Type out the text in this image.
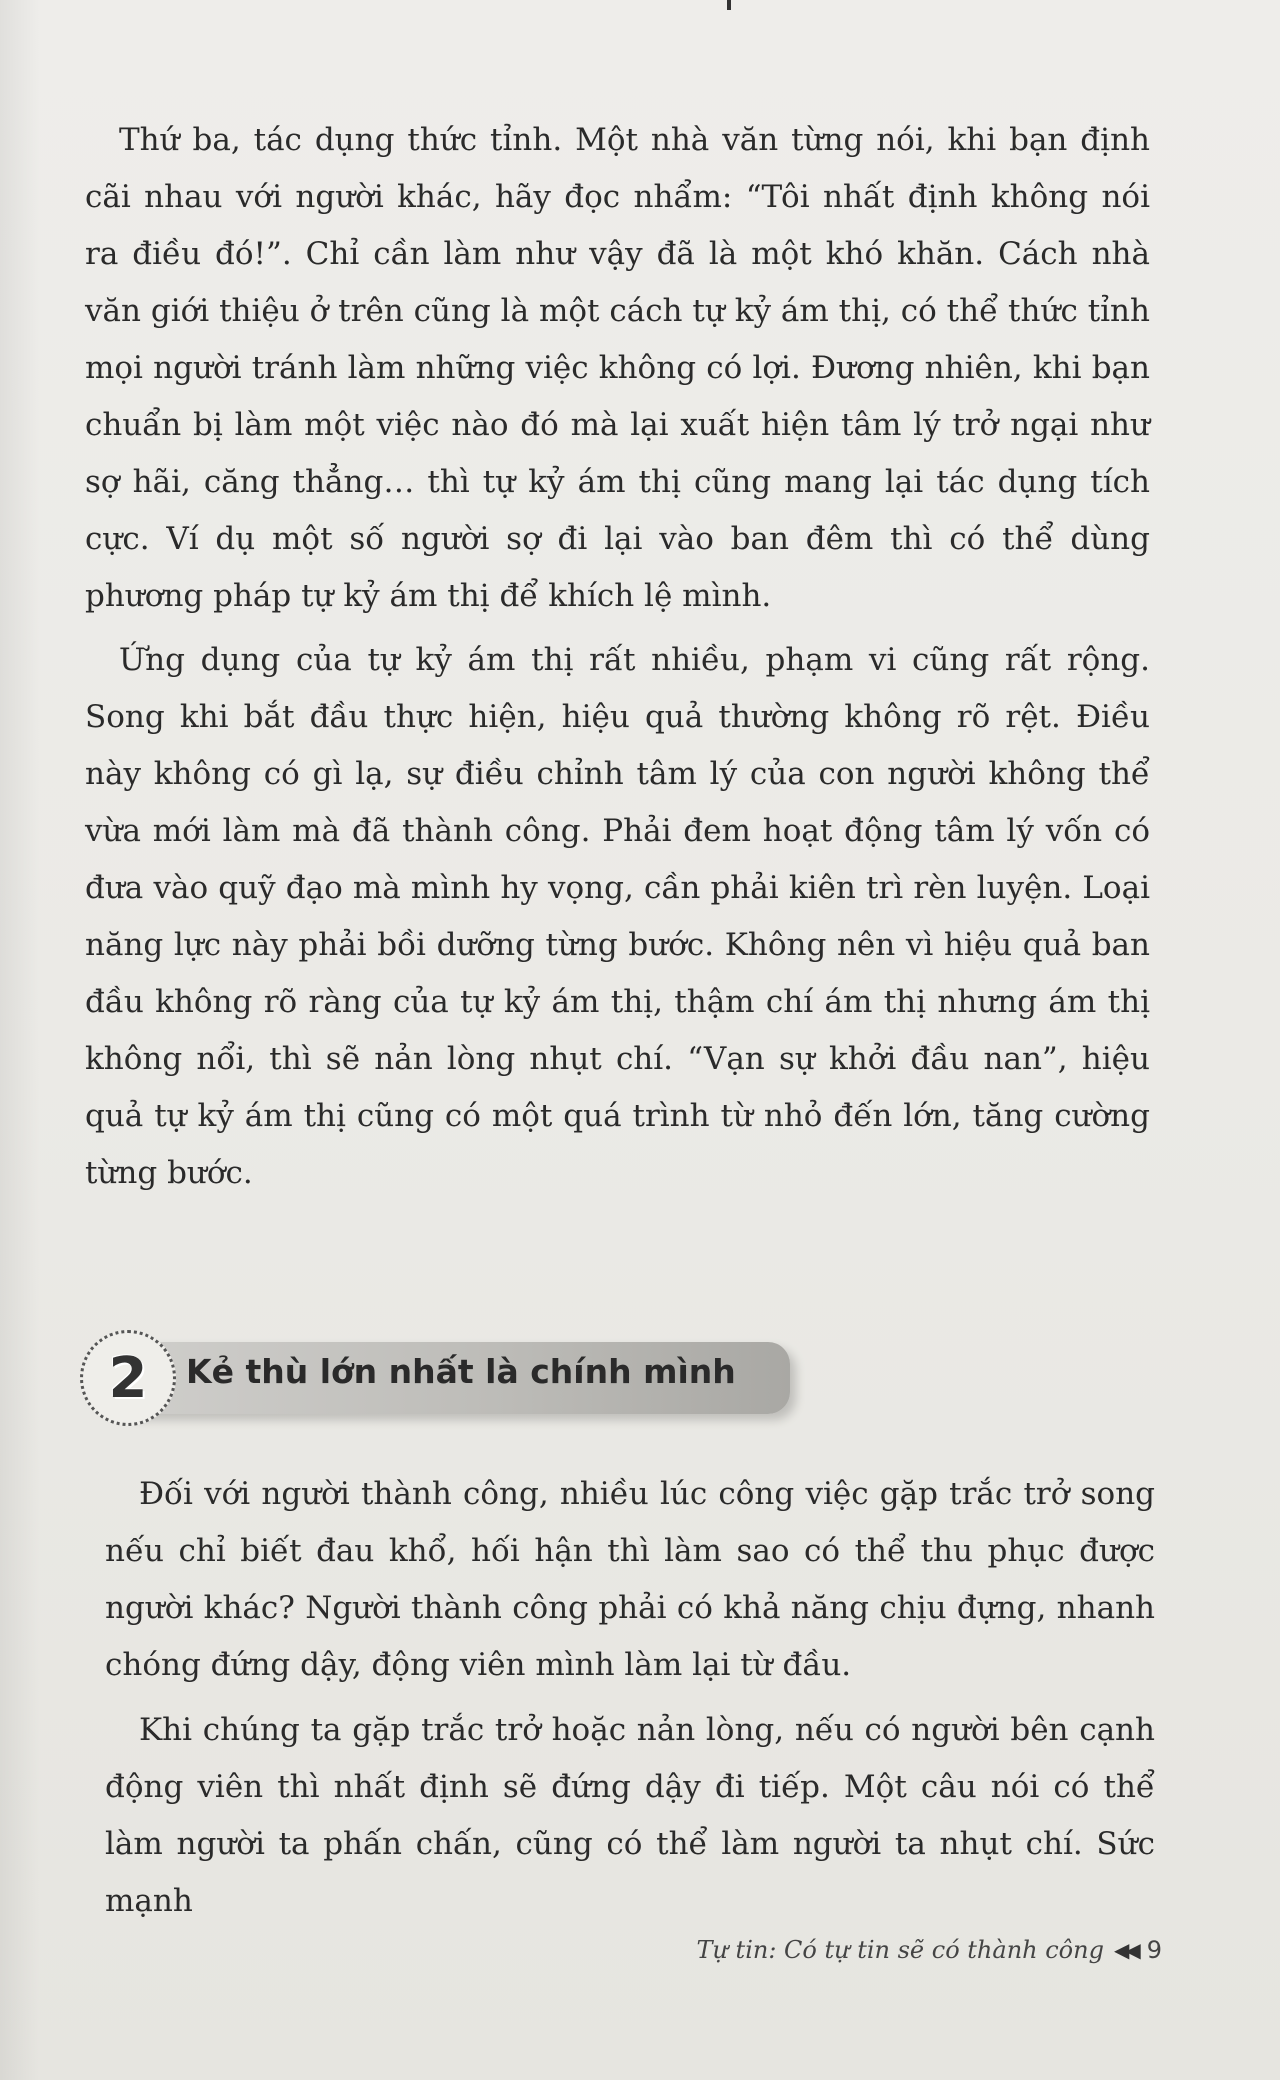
Thứ ba, tác dụng thức tỉnh. Một nhà văn từng nói, khi bạn định cãi nhau với người khác, hãy đọc nhẩm: “Tôi nhất định không nói ra điều đó!”. Chỉ cần làm như vậy đã là một khó khăn. Cách nhà văn giới thiệu ở trên cũng là một cách tự kỷ ám thị, có thể thức tỉnh mọi người tránh làm những việc không có lợi. Đương nhiên, khi bạn chuẩn bị làm một việc nào đó mà lại xuất hiện tâm lý trở ngại như sợ hãi, căng thẳng… thì tự kỷ ám thị cũng mang lại tác dụng tích cực. Ví dụ một số người sợ đi lại vào ban đêm thì có thể dùng phương pháp tự kỷ ám thị để khích lệ mình.

Ứng dụng của tự kỷ ám thị rất nhiều, phạm vi cũng rất rộng. Song khi bắt đầu thực hiện, hiệu quả thường không rõ rệt. Điều này không có gì lạ, sự điều chỉnh tâm lý của con người không thể vừa mới làm mà đã thành công. Phải đem hoạt động tâm lý vốn có đưa vào quỹ đạo mà mình hy vọng, cần phải kiên trì rèn luyện. Loại năng lực này phải bồi dưỡng từng bước. Không nên vì hiệu quả ban đầu không rõ ràng của tự kỷ ám thị, thậm chí ám thị nhưng ám thị không nổi, thì sẽ nản lòng nhụt chí. “Vạn sự khởi đầu nan”, hiệu quả tự kỷ ám thị cũng có một quá trình từ nhỏ đến lớn, tăng cường từng bước.

2 Kẻ thù lớn nhất là chính mình

Đối với người thành công, nhiều lúc công việc gặp trắc trở song nếu chỉ biết đau khổ, hối hận thì làm sao có thể thu phục được người khác? Người thành công phải có khả năng chịu đựng, nhanh chóng đứng dậy, động viên mình làm lại từ đầu.

Khi chúng ta gặp trắc trở hoặc nản lòng, nếu có người bên cạnh động viên thì nhất định sẽ đứng dậy đi tiếp. Một câu nói có thể làm người ta phấn chấn, cũng có thể làm người ta nhụt chí. Sức mạnh

Tự tin: Có tự tin sẽ có thành công ◀◀ 9
